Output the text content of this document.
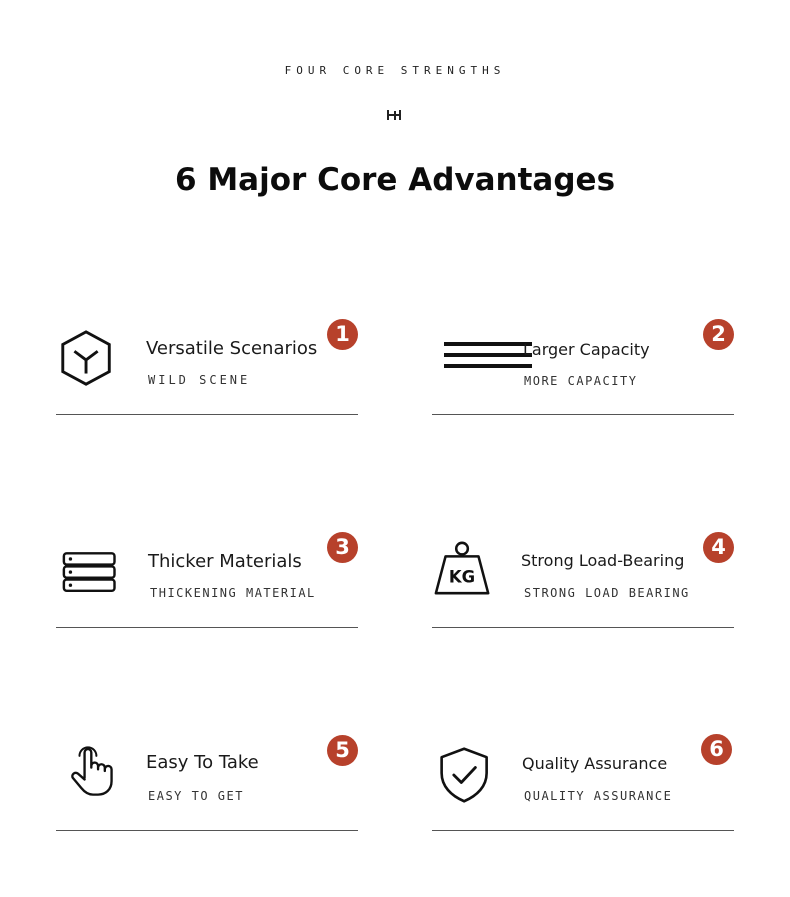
FOUR CORE STRENGTHS
6 Major Core Advantages
Versatile Scenarios
WILD SCENE
1
Larger Capacity
MORE CAPACITY
2
Thicker Materials
THICKENING MATERIAL
3
KG
Strong Load-Bearing
STRONG LOAD BEARING
4
Easy To Take
EASY TO GET
5
Quality Assurance
QUALITY ASSURANCE
6
